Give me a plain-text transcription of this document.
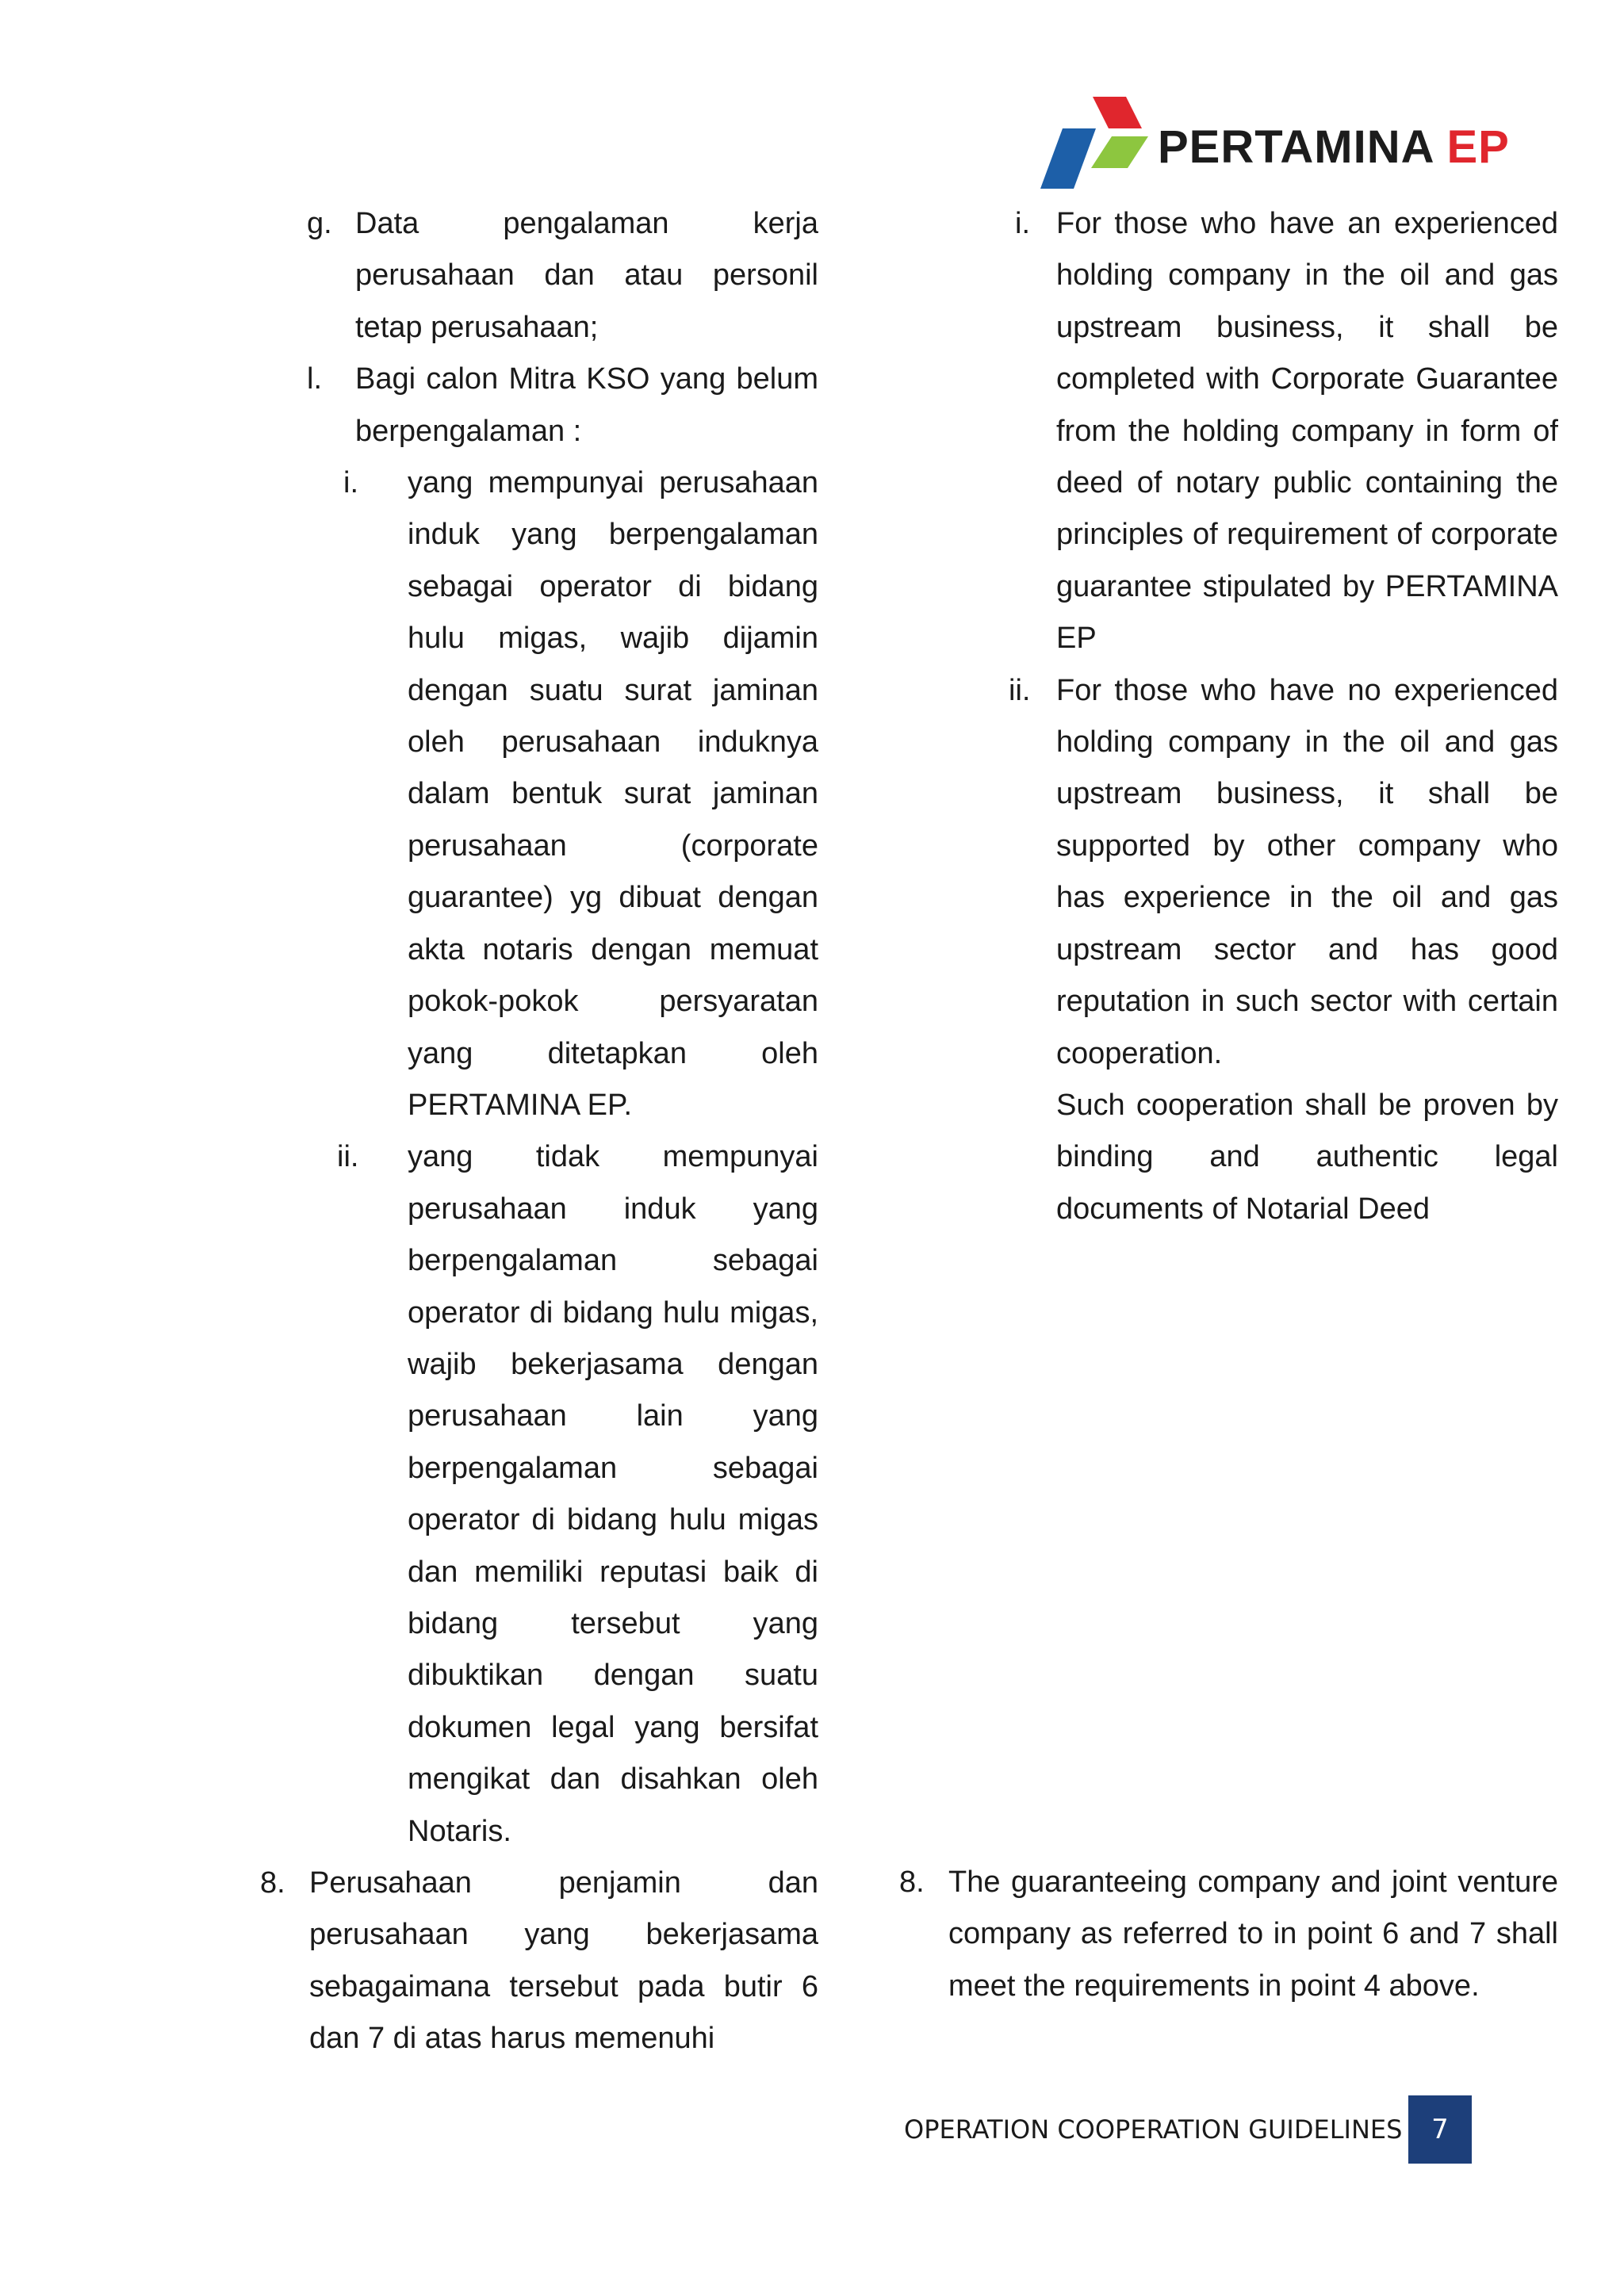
PERTAMINA EP
g. Data pengalaman kerja perusahaan dan atau personil tetap perusahaan;
l. Bagi calon Mitra KSO yang belum berpengalaman :
i. yang mempunyai perusahaan induk yang berpengalaman sebagai operator di bidang hulu migas, wajib dijamin dengan suatu surat jaminan oleh perusahaan induknya dalam bentuk surat jaminan perusahaan (corporate guarantee) yg dibuat dengan akta notaris dengan memuat pokok-pokok persyaratan yang ditetapkan oleh PERTAMINA EP.
ii. yang tidak mempunyai perusahaan induk yang berpengalaman sebagai operator di bidang hulu migas, wajib bekerjasama dengan perusahaan lain yang berpengalaman sebagai operator di bidang hulu migas dan memiliki reputasi baik di bidang tersebut yang dibuktikan dengan suatu dokumen legal yang bersifat mengikat dan disahkan oleh Notaris.
8. Perusahaan penjamin dan perusahaan yang bekerjasama sebagaimana tersebut pada butir 6 dan 7 di atas harus memenuhi
i. For those who have an experienced holding company in the oil and gas upstream business, it shall be completed with Corporate Guarantee from the holding company in form of deed of notary public containing the principles of requirement of corporate guarantee stipulated by PERTAMINA EP
ii. For those who have no experienced holding company in the oil and gas upstream business, it shall be supported by other company who has experience in the oil and gas upstream sector and has good reputation in such sector with certain cooperation.
Such cooperation shall be proven by binding and authentic legal documents of Notarial Deed
8. The guaranteeing company and joint venture company as referred to in point 6 and 7 shall meet the requirements in point 4 above.
OPERATION COOPERATION GUIDELINES 7
